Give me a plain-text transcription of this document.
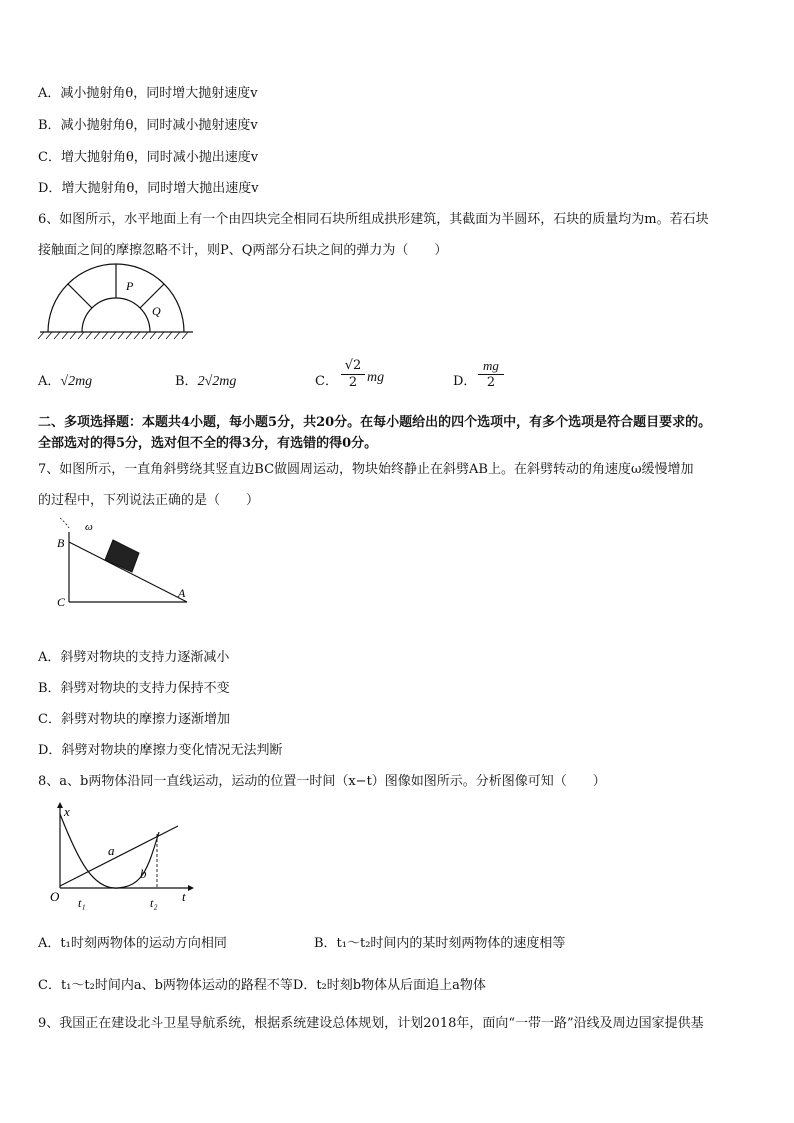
A．减小抛射角θ，同时增大抛射速度v
B．减小抛射角θ，同时减小抛射速度v
C．增大抛射角θ，同时减小抛出速度v
D．增大抛射角θ，同时增大抛出速度v
6、如图所示，水平地面上有一个由四块完全相同石块所组成拱形建筑，其截面为半圆环，石块的质量均为m。若石块
接触面之间的摩擦忽略不计，则P、Q两部分石块之间的弹力为（　　）
P
Q
A．√2mg	B．2√2mg	C． $\frac{√2}{2}$ mg	D． $\frac{mg}{2}$
二、多项选择题：本题共4小题，每小题5分，共20分。在每小题给出的四个选项中，有多个选项是符合题目要求的。
全部选对的得5分，选对但不全的得3分，有选错的得0分。
7、如图所示，一直角斜劈绕其竖直边BC做圆周运动，物块始终静止在斜劈AB上。在斜劈转动的角速度ω缓慢增加
的过程中，下列说法正确的是（　　）
ω
B
C
A
A．斜劈对物块的支持力逐渐减小
B．斜劈对物块的支持力保持不变
C．斜劈对物块的摩擦力逐渐增加
D．斜劈对物块的摩擦力变化情况无法判断
8、a、b两物体沿同一直线运动，运动的位置一时间（x−t）图像如图所示。分析图像可知（　　）
x
t
O
a
b
t₁	t₂
A．t₁时刻两物体的运动方向相同	B．t₁～t₂时间内的某时刻两物体的速度相等
C．t₁～t₂时间内a、b两物体运动的路程不等D．t₂时刻b物体从后面追上a物体
9、我国正在建设北斗卫星导航系统，根据系统建设总体规划，计划2018年，面向“一带一路”沿线及周边国家提供基
